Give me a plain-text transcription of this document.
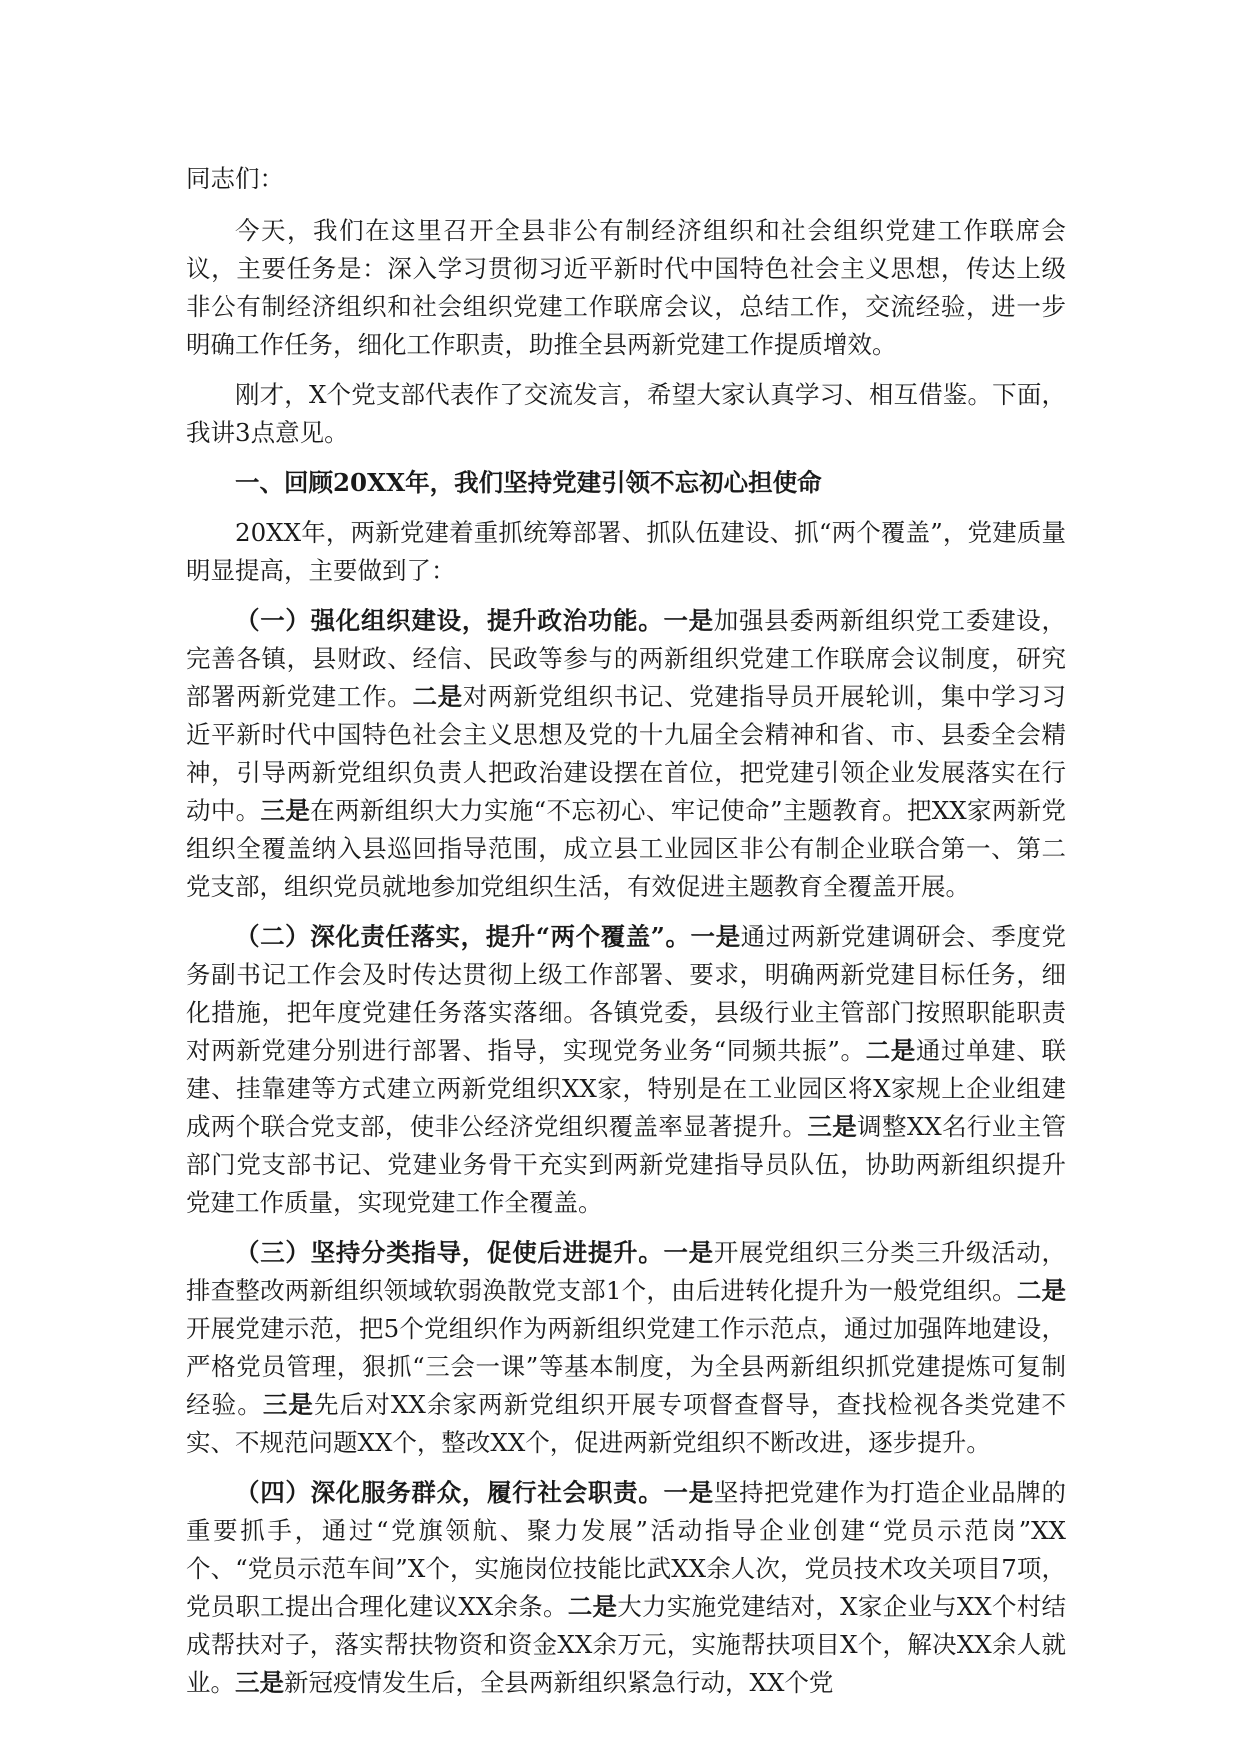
同志们：

今天，我们在这里召开全县非公有制经济组织和社会组织党建工作联席会议，主要任务是：深入学习贯彻习近平新时代中国特色社会主义思想，传达上级非公有制经济组织和社会组织党建工作联席会议，总结工作，交流经验，进一步明确工作任务，细化工作职责，助推全县两新党建工作提质增效。

刚才，X个党支部代表作了交流发言，希望大家认真学习、相互借鉴。下面，我讲3点意见。

一、回顾20XX年，我们坚持党建引领不忘初心担使命

20XX年，两新党建着重抓统筹部署、抓队伍建设、抓“两个覆盖”，党建质量明显提高，主要做到了：

（一）强化组织建设，提升政治功能。一是加强县委两新组织党工委建设，完善各镇，县财政、经信、民政等参与的两新组织党建工作联席会议制度，研究部署两新党建工作。二是对两新党组织书记、党建指导员开展轮训，集中学习习近平新时代中国特色社会主义思想及党的十九届全会精神和省、市、县委全会精神，引导两新党组织负责人把政治建设摆在首位，把党建引领企业发展落实在行动中。三是在两新组织大力实施“不忘初心、牢记使命”主题教育。把XX家两新党组织全覆盖纳入县巡回指导范围，成立县工业园区非公有制企业联合第一、第二党支部，组织党员就地参加党组织生活，有效促进主题教育全覆盖开展。

（二）深化责任落实，提升“两个覆盖”。一是通过两新党建调研会、季度党务副书记工作会及时传达贯彻上级工作部署、要求，明确两新党建目标任务，细化措施，把年度党建任务落实落细。各镇党委，县级行业主管部门按照职能职责对两新党建分别进行部署、指导，实现党务业务“同频共振”。二是通过单建、联建、挂靠建等方式建立两新党组织XX家，特别是在工业园区将X家规上企业组建成两个联合党支部，使非公经济党组织覆盖率显著提升。三是调整XX名行业主管部门党支部书记、党建业务骨干充实到两新党建指导员队伍，协助两新组织提升党建工作质量，实现党建工作全覆盖。

（三）坚持分类指导，促使后进提升。一是开展党组织三分类三升级活动，排查整改两新组织领域软弱涣散党支部1个，由后进转化提升为一般党组织。二是开展党建示范，把5个党组织作为两新组织党建工作示范点，通过加强阵地建设，严格党员管理，狠抓“三会一课”等基本制度，为全县两新组织抓党建提炼可复制经验。三是先后对XX余家两新党组织开展专项督查督导，查找检视各类党建不实、不规范问题XX个，整改XX个，促进两新党组织不断改进，逐步提升。

（四）深化服务群众，履行社会职责。一是坚持把党建作为打造企业品牌的重要抓手，通过“党旗领航、聚力发展”活动指导企业创建“党员示范岗”XX个、“党员示范车间”X个，实施岗位技能比武XX余人次，党员技术攻关项目7项，党员职工提出合理化建议XX余条。二是大力实施党建结对，X家企业与XX个村结成帮扶对子，落实帮扶物资和资金XX余万元，实施帮扶项目X个，解决XX余人就业。三是新冠疫情发生后，全县两新组织紧急行动，XX个党
